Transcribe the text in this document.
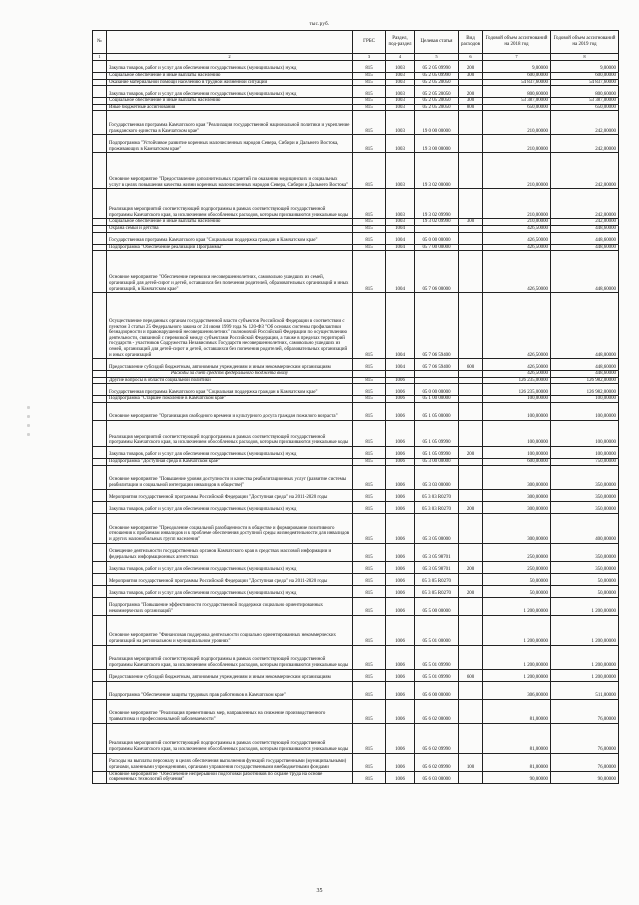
тыс.руб.
№		ГРБС	Раздел, под-раздел	Целевая статья	Вид расходов	Годовой объем ассигнований на 2018 год	Годовой объем ассигнований на 2019 год
1	2	3	4	5	6	7	8
	Закупка товаров, работ и услуг для обеспечения государственных (муниципальных) нужд	815	1003	05 2 05 09990	200	9,00000	9,00000
	Социальное обеспечение и иные выплаты населению	815	1003	05 2 05 09990	300	600,00000	600,00000
	Оказание материальной помощи населению в трудной жизненной ситуации	815	1003	05 2 05 20050		54 837,60000	54 837,60000
	Закупка товаров, работ и услуг для обеспечения государственных (муниципальных) нужд	815	1003	05 2 05 20050	200	800,60000	800,60000
	Социальное обеспечение и иные выплаты населению	815	1003	05 2 05 20050	300	53 387,00000	53 387,00000
	Иные бюджетные ассигнования	815	1003	05 2 05 20050	800	650,00000	650,00000
	Государственная программа Камчатского края "Реализация государственной национальной политики и укрепление гражданского единства в Камчатском крае"	815	1003	19 0 00 00000		210,00000	242,00000
	Подпрограмма "Устойчивое развитие коренных малочисленных народов Севера, Сибири и Дальнего Востока, проживающих в Камчатском крае"	815	1003	19 3 00 00000		210,00000	242,00000
	Основное мероприятие "Предоставление дополнительных гарантий по оказанию медицинских и социальных услуг в целях повышения качества жизни коренных малочисленных народов Севера, Сибири и Дальнего Востока"	815	1003	19 3 02 00000		210,00000	242,00000
	Реализация мероприятий соответствующей подпрограммы в рамках соответствующей государственной программы Камчатского края, за исключением обособленных расходов, которым присваиваются уникальные коды	815	1003	19 3 02 09990		210,00000	242,00000
	Социальное обеспечение и иные выплаты населению	815	1003	19 3 02 09990	300	210,00000	242,00000
	Охрана семьи и детства	815	1004			426,50000	448,60000
	Государственная программа Камчатского края "Социальная поддержка граждан в Камчатском крае"	815	1004	05 0 00 00000		426,50000	448,60000
	Подпрограмма "Обеспечение реализации Программы"	815	1004	05 7 00 00000		426,50000	448,60000
	Основное мероприятие "Обеспечение перевозки несовершеннолетних, самовольно ушедших из семей, организаций для детей-сирот и детей, оставшихся без попечения родителей, образовательных организаций и иных организаций, в Камчатском крае"	815	1004	05 7 06 00000		426,50000	448,60000
	Осуществление переданных органам государственной власти субъектов Российской Федерации в соответствии с пунктом 3 статьи 25 Федерального закона от 24 июня 1999 года № 120-ФЗ "Об основах системы профилактики безнадзорности и правонарушений несовершеннолетних" полномочий Российской Федерации по осуществлению деятельности, связанной с перевозкой между субъектами Российской Федерации, а также в пределах территорий государств - участников Содружества Независимых Государств несовершеннолетних, самовольно ушедших из семей, организаций для детей-сирот и детей, оставшихся без попечения родителей, образовательных организаций и иных организаций	815	1004	05 7 06 59400		426,50000	448,00000
	Предоставление субсидий бюджетным, автономным учреждениям и иным некоммерческим организациям	815	1004	05 7 06 59400	600	426,50000	448,60000
	Расходы за счет средств федерального бюджета внизу					426,50000	448,60000
	Другие вопросы в области социальной политики	815	1006			126 235,00000	126 982,00000
	Государственная программа Камчатского края "Социальная поддержка граждан в Камчатском крае"	815	1006	05 0 00 00000		126 235,00000	126 982,00000
	Подпрограмма "Старшее поколение в Камчатском крае"	815	1006	05 1 00 00000		100,00000	100,00000
	Основное мероприятие "Организация свободного времени и культурного досуга граждан пожилого возраста"	815	1006	05 1 05 00000		100,00000	100,00000
	Реализация мероприятий соответствующей подпрограммы в рамках соответствующей государственной программы Камчатского края, за исключением обособленных расходов, которым присваиваются уникальные коды	815	1006	05 1 05 09990		100,00000	100,00000
	Закупка товаров, работ и услуг для обеспечения государственных (муниципальных) нужд	815	1006	05 1 05 09990	200	100,00000	100,00000
	Подпрограмма "Доступная среда в Камчатском крае"	815	1006	05 3 00 00000		600,00000	750,00000
	Основное мероприятие "Повышение уровня доступности и качества реабилитационных услуг (развитие системы реабилитации и социальной интеграции инвалидов в обществе)"	815	1006	05 3 03 00000		300,00000	350,00000
	Мероприятия государственной программы Российской Федерации "Доступная среда" на 2011-2020 годы	815	1006	05 3 03 R0270		300,00000	350,00000
	Закупка товаров, работ и услуг для обеспечения государственных (муниципальных) нужд	815	1006	05 3 03 R0270	200	300,00000	350,00000
	Основное мероприятие "Преодоление социальной разобщенности в обществе и формирование позитивного отношения к проблемам инвалидов и к проблеме обеспечения доступной среды жизнедеятельности для инвалидов и других маломобильных групп населения"	815	1006	05 3 05 00000		300,00000	400,00000
	Освещение деятельности государственных органов Камчатского края в средствах массовой информации и федеральных информационных агентствах	815	1006	05 3 05 98701		250,00000	350,00000
	Закупка товаров, работ и услуг для обеспечения государственных (муниципальных) нужд	815	1006	05 3 05 98701	200	250,00000	350,00000
	Мероприятия государственной программы Российской Федерации "Доступная среда" на 2011-2020 годы	815	1006	05 3 05 R0270		50,00000	50,00000
	Закупка товаров, работ и услуг для обеспечения государственных (муниципальных) нужд	815	1006	05 3 05 R0270	200	50,00000	50,00000
	Подпрограмма "Повышение эффективности государственной поддержки социально ориентированных некоммерческих организаций"	815	1006	05 5 00 00000		1 200,00000	1 200,00000
	Основное мероприятие "Финансовая поддержка деятельности социально ориентированных некоммерческих организаций на региональном и муниципальном уровнях"	815	1006	05 5 01 00000		1 200,00000	1 200,00000
	Реализация мероприятий соответствующей подпрограммы в рамках соответствующей государственной программы Камчатского края, за исключением обособленных расходов, которым присваиваются уникальные коды	815	1006	05 5 01 09990		1 200,00000	1 200,00000
	Предоставление субсидий бюджетным, автономным учреждениям и иным некоммерческим организациям	815	1006	05 5 01 09990	600	1 200,00000	1 200,00000
	Подпрограмма "Обеспечение защиты трудовых прав работников в Камчатском крае"	815	1006	05 6 00 00000		306,00000	511,00000
	Основное мероприятие "Реализация превентивных мер, направленных на снижение производственного травматизма и профессиональной заболеваемости"	815	1006	05 6 02 00000		81,00000	76,00000
	Реализация мероприятий соответствующей подпрограммы в рамках соответствующей государственной программы Камчатского края, за исключением обособленных расходов, которым присваиваются уникальные коды	815	1006	05 6 02 09990		81,00000	76,00000
	Расходы на выплаты персоналу в целях обеспечения выполнения функций государственными (муниципальными) органами, казенными учреждениями, органами управления государственными внебюджетными фондами	815	1006	05 6 02 09990	100	81,00000	76,00000
	Основное мероприятие "Обеспечение непрерывной подготовки работников по охране труда на основе современных технологий обучения"	815	1006	05 6 03 00000		90,00000	90,00000
35
